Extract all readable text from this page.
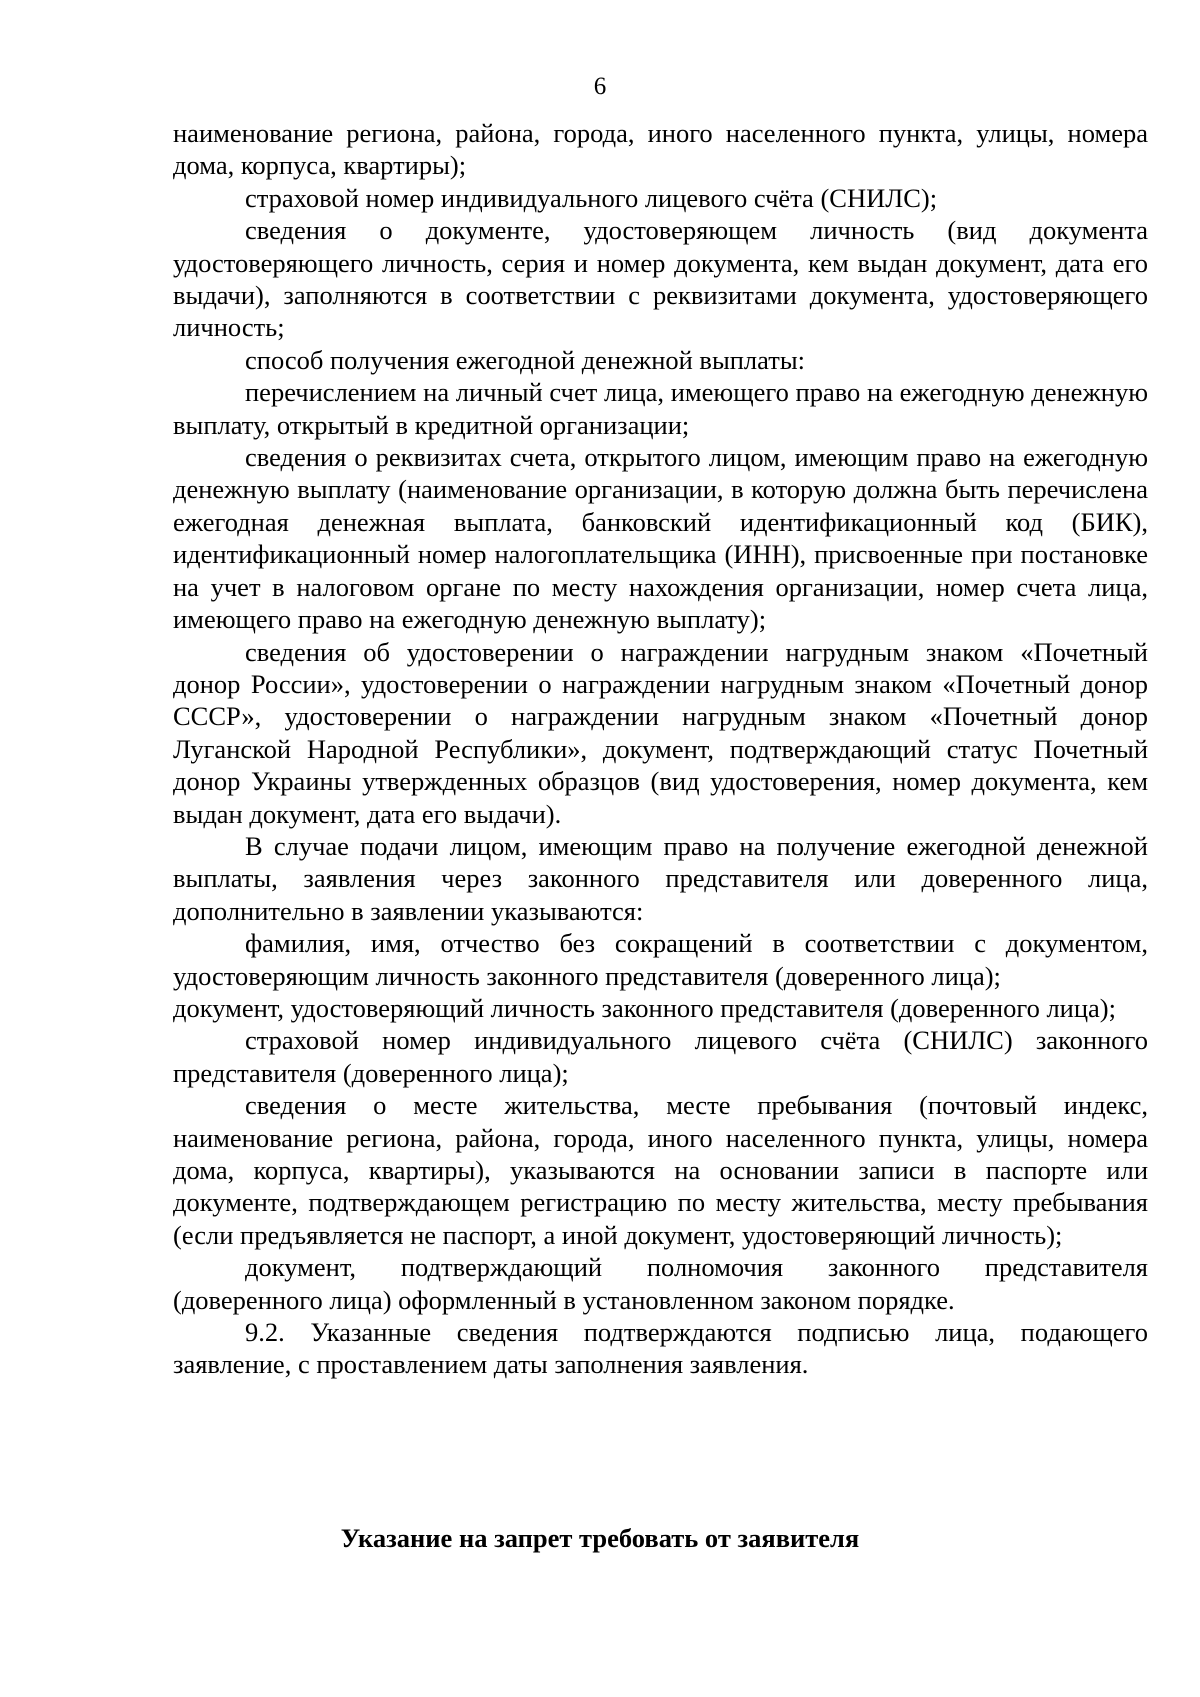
6

наименование региона, района, города, иного населенного пункта, улицы, номера дома, корпуса, квартиры);

страховой номер индивидуального лицевого счёта (СНИЛС);

сведения о документе, удостоверяющем личность (вид документа удостоверяющего личность, серия и номер документа, кем выдан документ, дата его выдачи), заполняются в соответствии с реквизитами документа, удостоверяющего личность;

способ получения ежегодной денежной выплаты:

перечислением на личный счет лица, имеющего право на ежегодную денежную выплату, открытый в кредитной организации;

сведения о реквизитах счета, открытого лицом, имеющим право на ежегодную денежную выплату (наименование организации, в которую должна быть перечислена ежегодная денежная выплата, банковский идентификационный код (БИК), идентификационный номер налогоплательщика (ИНН), присвоенные при постановке на учет в налоговом органе по месту нахождения организации, номер счета лица, имеющего право на ежегодную денежную выплату);

сведения об удостоверении о награждении нагрудным знаком «Почетный донор России», удостоверении о награждении нагрудным знаком «Почетный донор СССР», удостоверении о награждении нагрудным знаком «Почетный донор Луганской Народной Республики», документ, подтверждающий статус Почетный донор Украины утвержденных образцов (вид удостоверения, номер документа, кем выдан документ, дата его выдачи).

В случае подачи лицом, имеющим право на получение ежегодной денежной выплаты, заявления через законного представителя или доверенного лица, дополнительно в заявлении указываются:

фамилия, имя, отчество без сокращений в соответствии с документом, удостоверяющим личность законного представителя (доверенного лица);

документ, удостоверяющий личность законного представителя (доверенного лица);

страховой номер индивидуального лицевого счёта (СНИЛС) законного представителя (доверенного лица);

сведения о месте жительства, месте пребывания (почтовый индекс, наименование региона, района, города, иного населенного пункта, улицы, номера дома, корпуса, квартиры), указываются на основании записи в паспорте или документе, подтверждающем регистрацию по месту жительства, месту пребывания (если предъявляется не паспорт, а иной документ, удостоверяющий личность);

документ, подтверждающий полномочия законного представителя (доверенного лица) оформленный в установленном законом порядке.

9.2. Указанные сведения подтверждаются подписью лица, подающего заявление, с проставлением даты заполнения заявления.

Указание на запрет требовать от заявителя
